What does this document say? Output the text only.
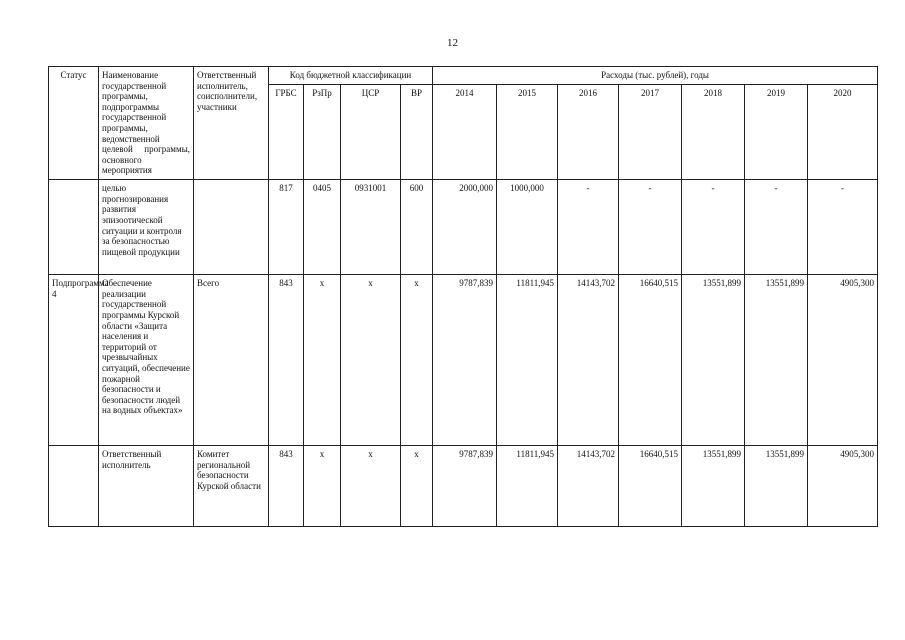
12
Статус	Наименование государственной программы, подпрограммы государственной программы, ведомственной целевой программы, основного мероприятия	Ответственный исполнитель, соисполнители, участники	Код бюджетной классификации				Расходы (тыс. рублей), годы						
			ГРБС	РзПр	ЦСР	ВР	2014	2015	2016	2017	2018	2019	2020
	целью прогнозирования развития эпизоотической ситуации и контроля за безопасностью пищевой продукции		817	0405	0931001	600	2000,000	1000,000	-	-	-	-	-
Подпрограмма 4	Обеспечение реализации государственной программы Курской области «Защита населения и территорий от чрезвычайных ситуаций, обеспечение пожарной безопасности и безопасности людей на водных объектах»	Всего	843	х	х	х	9787,839	11811,945	14143,702	16640,515	13551,899	13551,899	4905,300
	Ответственный исполнитель	Комитет региональной безопасности Курской области	843	х	х	х	9787,839	11811,945	14143,702	16640,515	13551,899	13551,899	4905,300
